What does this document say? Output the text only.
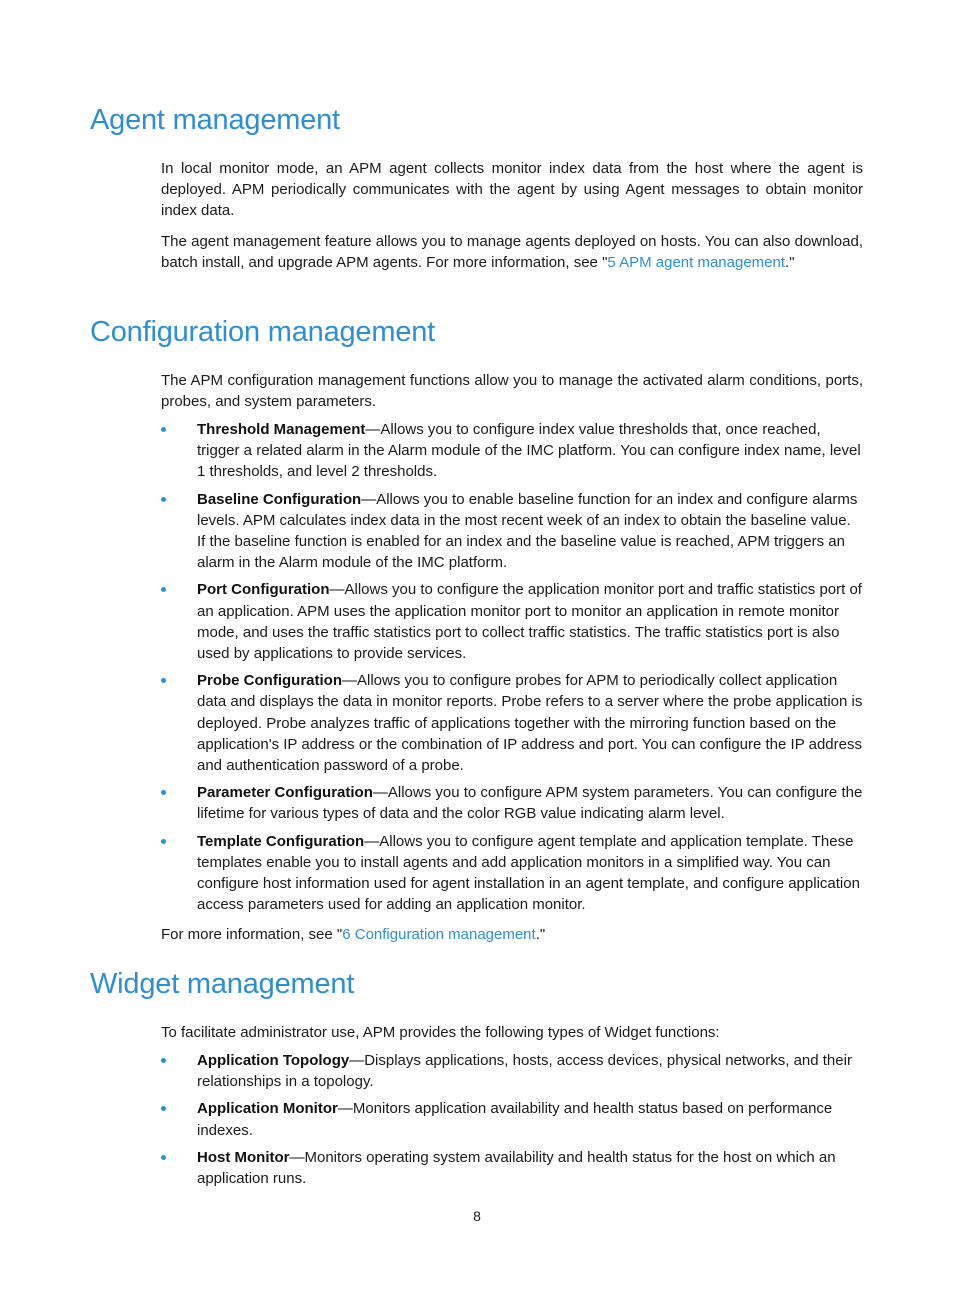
Agent management

In local monitor mode, an APM agent collects monitor index data from the host where the agent is deployed. APM periodically communicates with the agent by using Agent messages to obtain monitor index data.

The agent management feature allows you to manage agents deployed on hosts. You can also download, batch install, and upgrade APM agents. For more information, see "5 APM agent management."

Configuration management

The APM configuration management functions allow you to manage the activated alarm conditions, ports, probes, and system parameters.

Threshold Management—Allows you to configure index value thresholds that, once reached, trigger a related alarm in the Alarm module of the IMC platform. You can configure index name, level 1 thresholds, and level 2 thresholds.
Baseline Configuration—Allows you to enable baseline function for an index and configure alarms levels. APM calculates index data in the most recent week of an index to obtain the baseline value. If the baseline function is enabled for an index and the baseline value is reached, APM triggers an alarm in the Alarm module of the IMC platform.
Port Configuration—Allows you to configure the application monitor port and traffic statistics port of an application. APM uses the application monitor port to monitor an application in remote monitor mode, and uses the traffic statistics port to collect traffic statistics. The traffic statistics port is also used by applications to provide services.
Probe Configuration—Allows you to configure probes for APM to periodically collect application data and displays the data in monitor reports. Probe refers to a server where the probe application is deployed. Probe analyzes traffic of applications together with the mirroring function based on the application's IP address or the combination of IP address and port. You can configure the IP address and authentication password of a probe.
Parameter Configuration—Allows you to configure APM system parameters. You can configure the lifetime for various types of data and the color RGB value indicating alarm level.
Template Configuration—Allows you to configure agent template and application template. These templates enable you to install agents and add application monitors in a simplified way. You can configure host information used for agent installation in an agent template, and configure application access parameters used for adding an application monitor.

For more information, see "6 Configuration management."

Widget management

To facilitate administrator use, APM provides the following types of Widget functions:

Application Topology—Displays applications, hosts, access devices, physical networks, and their relationships in a topology.
Application Monitor—Monitors application availability and health status based on performance indexes.
Host Monitor—Monitors operating system availability and health status for the host on which an application runs.
8
